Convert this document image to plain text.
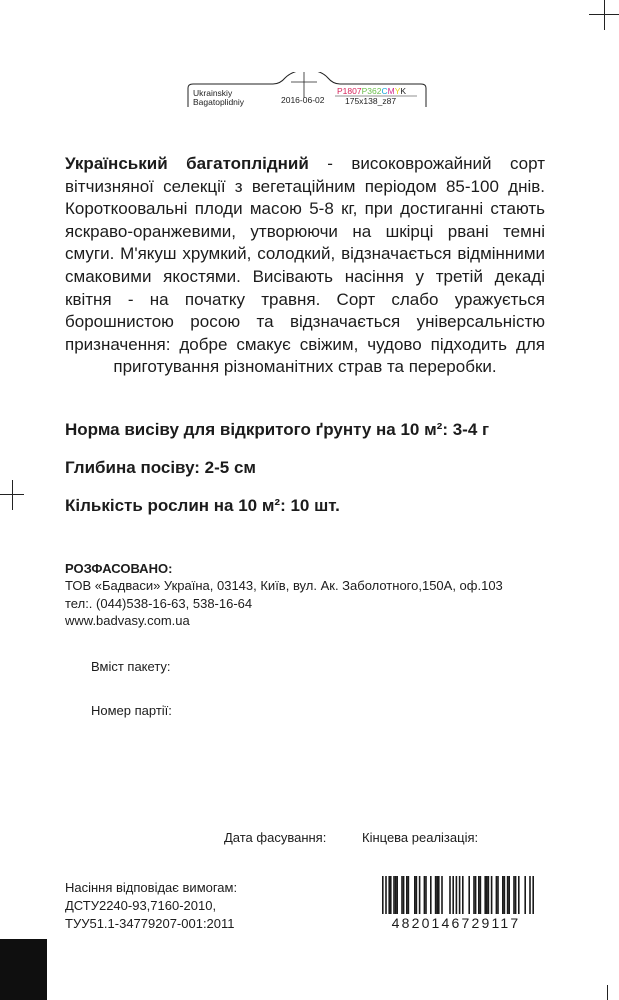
Ukrainskiy
Bagatoplidniy	2016-06-02
P1807P362CMYK
175x138_z87
Український багатоплідний - високоврожайний сорт вітчизняної селекції з вегетаційним періодом 85-100 днів. Короткоовальні плоди масою 5-8 кг, при достиганні стають яскраво-оранжевими, утворюючи на шкірці рвані темні смуги. М'якуш хрумкий, солодкий, відзначається відмінними смаковими якостями. Висівають насіння у третій декаді квітня - на початку травня. Сорт слабо уражується борошнистою росою та відзначається універсальністю призначення: добре смакує свіжим, чудово підходить для приготування різноманітних страв та переробки.
Норма висіву для відкритого ґрунту на 10 м²: 3-4 г
Глибина посіву: 2-5 см
Кількість рослин на 10 м²: 10 шт.
РОЗФАСОВАНО:
ТОВ «Бадваси» Україна, 03143, Київ, вул. Ак. Заболотного,150А, оф.103
тел:. (044)538-16-63, 538-16-64
www.badvasy.com.ua
Вміст пакету:
Номер партії:
Дата фасування:	Кінцева реалізація:
Насіння відповідає вимогам:
ДСТУ2240-93,7160-2010,
ТУУ51.1-34779207-001:2011	4820146729117
